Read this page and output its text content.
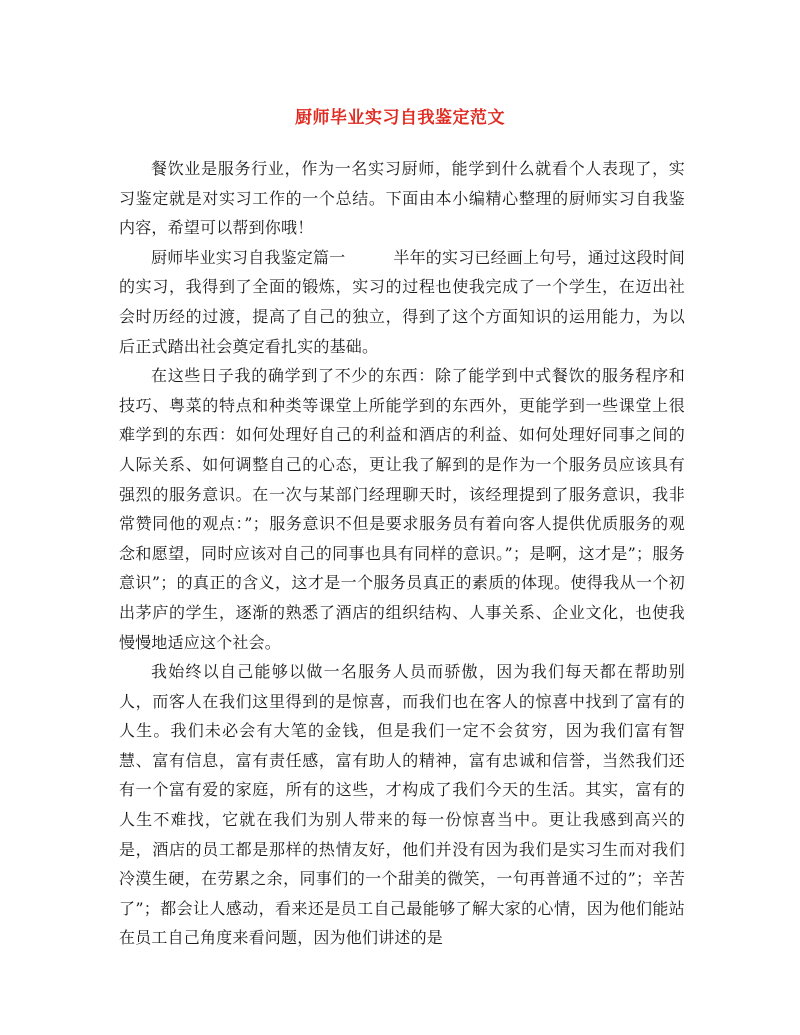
厨师毕业实习自我鉴定范文

餐饮业是服务行业，作为一名实习厨师，能学到什么就看个人表现了，实习鉴定就是对实习工作的一个总结。下面由本小编精心整理的厨师实习自我鉴内容，希望可以帮到你哦！

厨师毕业实习自我鉴定篇一	半年的实习已经画上句号，通过这段时间的实习，我得到了全面的锻炼，实习的过程也使我完成了一个学生，在迈出社会时历经的过渡，提高了自己的独立，得到了这个方面知识的运用能力，为以后正式踏出社会奠定看扎实的基础。

在这些日子我的确学到了不少的东西：除了能学到中式餐饮的服务程序和技巧、粤菜的特点和种类等课堂上所能学到的东西外，更能学到一些课堂上很难学到的东西：如何处理好自己的利益和酒店的利益、如何处理好同事之间的人际关系、如何调整自己的心态，更让我了解到的是作为一个服务员应该具有强烈的服务意识。在一次与某部门经理聊天时，该经理提到了服务意识，我非常赞同他的观点：”；服务意识不但是要求服务员有着向客人提供优质服务的观念和愿望，同时应该对自己的同事也具有同样的意识。”；是啊，这才是”；服务意识”；的真正的含义，这才是一个服务员真正的素质的体现。使得我从一个初出茅庐的学生，逐渐的熟悉了酒店的组织结构、人事关系、企业文化，也使我慢慢地适应这个社会。

我始终以自己能够以做一名服务人员而骄傲，因为我们每天都在帮助别人，而客人在我们这里得到的是惊喜，而我们也在客人的惊喜中找到了富有的人生。我们未必会有大笔的金钱，但是我们一定不会贫穷，因为我们富有智慧、富有信息，富有责任感，富有助人的精神，富有忠诚和信誉，当然我们还有一个富有爱的家庭，所有的这些，才构成了我们今天的生活。其实，富有的人生不难找，它就在我们为别人带来的每一份惊喜当中。更让我感到高兴的是，酒店的员工都是那样的热情友好，他们并没有因为我们是实习生而对我们冷漠生硬，在劳累之余，同事们的一个甜美的微笑，一句再普通不过的”；辛苦了”；都会让人感动，看来还是员工自己最能够了解大家的心情，因为他们能站在员工自己角度来看问题，因为他们讲述的是
